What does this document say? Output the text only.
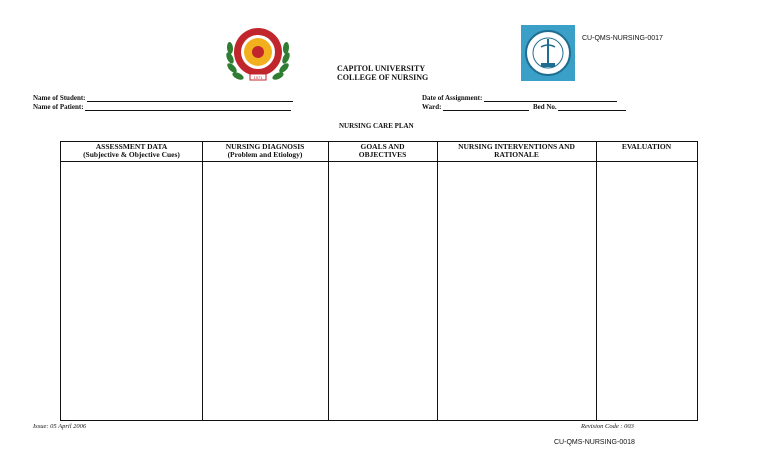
1971
CU-QMS-NURSING-0017
CAPITOL UNIVERSITY
COLLEGE OF NURSING
Name of Student:
Name of Patient:
Date of Assignment:
Ward:	Bed No.
NURSING CARE PLAN
ASSESSMENT DATA
(Subjective & Objective Cues)
NURSING DIAGNOSIS
(Problem and Etiology)
GOALS AND
OBJECTIVES
NURSING INTERVENTIONS AND
RATIONALE
EVALUATION
Issue: 05 April 2006	Revision Code : 003
CU-QMS-NURSING-0018
